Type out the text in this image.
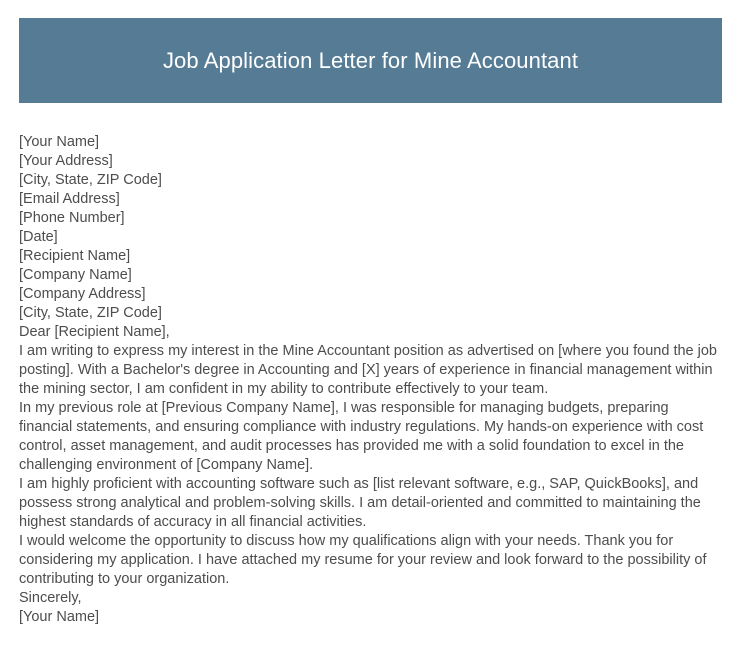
Job Application Letter for Mine Accountant
[Your Name]
[Your Address]
[City, State, ZIP Code]
[Email Address]
[Phone Number]
[Date]
[Recipient Name]
[Company Name]
[Company Address]
[City, State, ZIP Code]
Dear [Recipient Name],

I am writing to express my interest in the Mine Accountant position as advertised on [where you found the job posting]. With a Bachelor's degree in Accounting and [X] years of experience in financial management within the mining sector, I am confident in my ability to contribute effectively to your team.

In my previous role at [Previous Company Name], I was responsible for managing budgets, preparing financial statements, and ensuring compliance with industry regulations. My hands-on experience with cost control, asset management, and audit processes has provided me with a solid foundation to excel in the challenging environment of [Company Name].

I am highly proficient with accounting software such as [list relevant software, e.g., SAP, QuickBooks], and possess strong analytical and problem-solving skills. I am detail-oriented and committed to maintaining the highest standards of accuracy in all financial activities.

I would welcome the opportunity to discuss how my qualifications align with your needs. Thank you for considering my application. I have attached my resume for your review and look forward to the possibility of contributing to your organization.

Sincerely,
[Your Name]
